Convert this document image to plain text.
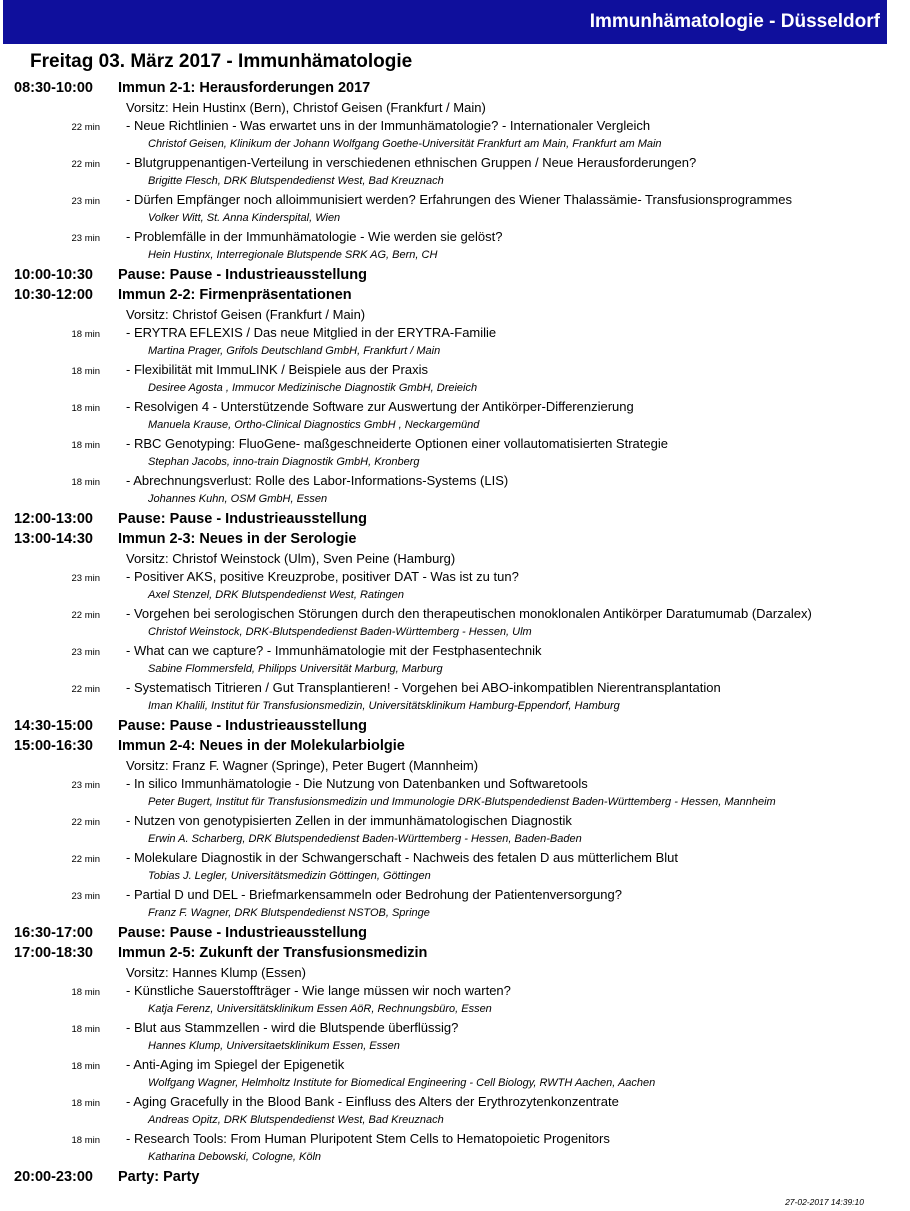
Immunhämatologie - Düsseldorf
Freitag 03. März 2017 - Immunhämatologie
08:30-10:00	Immun 2-1: Herausforderungen 2017
Vorsitz: Hein Hustinx (Bern), Christof Geisen (Frankfurt / Main)
22 min - Neue Richtlinien - Was erwartet uns in der Immunhämatologie? - Internationaler Vergleich
Christof Geisen, Klinikum der Johann Wolfgang Goethe-Universität Frankfurt am Main, Frankfurt am Main
22 min - Blutgruppenantigen-Verteilung in verschiedenen ethnischen Gruppen / Neue Herausforderungen?
Brigitte Flesch, DRK Blutspendedienst West, Bad Kreuznach
23 min - Dürfen Empfänger noch alloimmunisiert werden? Erfahrungen des Wiener Thalassämie- Transfusionsprogrammes
Volker Witt, St. Anna Kinderspital, Wien
23 min - Problemfälle in der Immunhämatologie - Wie werden sie gelöst?
Hein Hustinx, Interregionale Blutspende SRK AG, Bern, CH
10:00-10:30	Pause: Pause - Industrieausstellung
10:30-12:00	Immun 2-2: Firmenpräsentationen
Vorsitz: Christof Geisen (Frankfurt / Main)
18 min - ERYTRA EFLEXIS / Das neue Mitglied in der ERYTRA-Familie
Martina Prager, Grifols Deutschland GmbH, Frankfurt / Main
18 min - Flexibilität mit ImmuLINK / Beispiele aus der Praxis
Desiree Agosta , Immucor Medizinische Diagnostik GmbH, Dreieich
18 min - Resolvigen 4 - Unterstützende Software zur Auswertung der Antikörper-Differenzierung
Manuela Krause, Ortho-Clinical Diagnostics GmbH , Neckargemünd
18 min - RBC Genotyping: FluoGene- maßgeschneiderte Optionen einer vollautomatisierten Strategie
Stephan Jacobs, inno-train Diagnostik GmbH, Kronberg
18 min - Abrechnungsverlust: Rolle des Labor-Informations-Systems (LIS)
Johannes Kuhn, OSM GmbH, Essen
12:00-13:00	Pause: Pause - Industrieausstellung
13:00-14:30	Immun 2-3: Neues in der Serologie
Vorsitz: Christof Weinstock (Ulm), Sven Peine (Hamburg)
23 min - Positiver AKS, positive Kreuzprobe, positiver DAT - Was ist zu tun?
Axel Stenzel, DRK Blutspendedienst West, Ratingen
22 min - Vorgehen bei serologischen Störungen durch den therapeutischen monoklonalen Antikörper Daratumumab (Darzalex)
Christof Weinstock, DRK-Blutspendedienst Baden-Württemberg - Hessen, Ulm
23 min - What can we capture? - Immunhämatologie mit der Festphasentechnik
Sabine Flommersfeld, Philipps Universität Marburg, Marburg
22 min - Systematisch Titrieren / Gut Transplantieren! - Vorgehen bei ABO-inkompatiblen Nierentransplantation
Iman Khalili, Institut für Transfusionsmedizin, Universitätsklinikum Hamburg-Eppendorf, Hamburg
14:30-15:00	Pause: Pause - Industrieausstellung
15:00-16:30	Immun 2-4: Neues in der Molekularbiolgie
Vorsitz: Franz F. Wagner (Springe), Peter Bugert (Mannheim)
23 min - In silico Immunhämatologie - Die Nutzung von Datenbanken und Softwaretools
Peter Bugert, Institut für Transfusionsmedizin und Immunologie DRK-Blutspendedienst Baden-Württemberg - Hessen, Mannheim
22 min - Nutzen von genotypisierten Zellen in der immunhämatologischen Diagnostik
Erwin A. Scharberg, DRK Blutspendedienst Baden-Württemberg - Hessen, Baden-Baden
22 min - Molekulare Diagnostik in der Schwangerschaft - Nachweis des fetalen D aus mütterlichem Blut
Tobias J. Legler, Universitätsmedizin Göttingen, Göttingen
23 min - Partial D und DEL - Briefmarkensammeln oder Bedrohung der Patientenversorgung?
Franz F. Wagner, DRK Blutspendedienst NSTOB, Springe
16:30-17:00	Pause: Pause - Industrieausstellung
17:00-18:30	Immun 2-5: Zukunft der Transfusionsmedizin
Vorsitz: Hannes Klump (Essen)
18 min - Künstliche Sauerstoffträger - Wie lange müssen wir noch warten?
Katja Ferenz, Universitätsklinikum Essen AöR, Rechnungsbüro, Essen
18 min - Blut aus Stammzellen - wird die Blutspende überflüssig?
Hannes Klump, Universitaetsklinikum Essen, Essen
18 min - Anti-Aging im Spiegel der Epigenetik
Wolfgang Wagner, Helmholtz Institute for Biomedical Engineering - Cell Biology, RWTH Aachen, Aachen
18 min - Aging Gracefully in the Blood Bank - Einfluss des Alters der Erythrozytenkonzentrate
Andreas Opitz, DRK Blutspendedienst West, Bad Kreuznach
18 min - Research Tools: From Human Pluripotent Stem Cells to Hematopoietic Progenitors
Katharina Debowski, Cologne, Köln
20:00-23:00	Party: Party
27-02-2017 14:39:10
